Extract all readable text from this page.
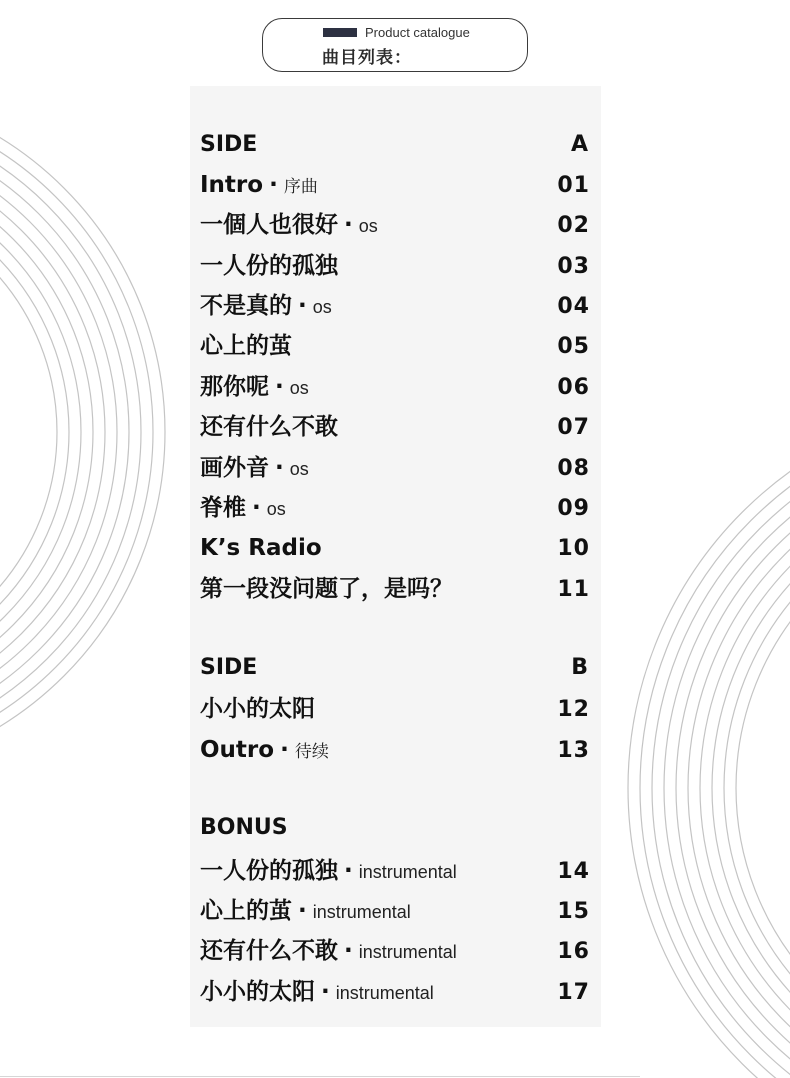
Product catalogue
曲目列表：
SIDE	A
Intro · 序曲	01
一個人也很好 · os	02
一人份的孤独	03
不是真的 · os	04
心上的茧	05
那你呢 · os	06
还有什么不敢	07
画外音 · os	08
脊椎 · os	09
K’s Radio	10
第一段没问题了，是吗？	11
SIDE	B
小小的太阳	12
Outro · 待续	13
BONUS
一人份的孤独 · instrumental	14
心上的茧 · instrumental	15
还有什么不敢 · instrumental	16
小小的太阳 · instrumental	17
